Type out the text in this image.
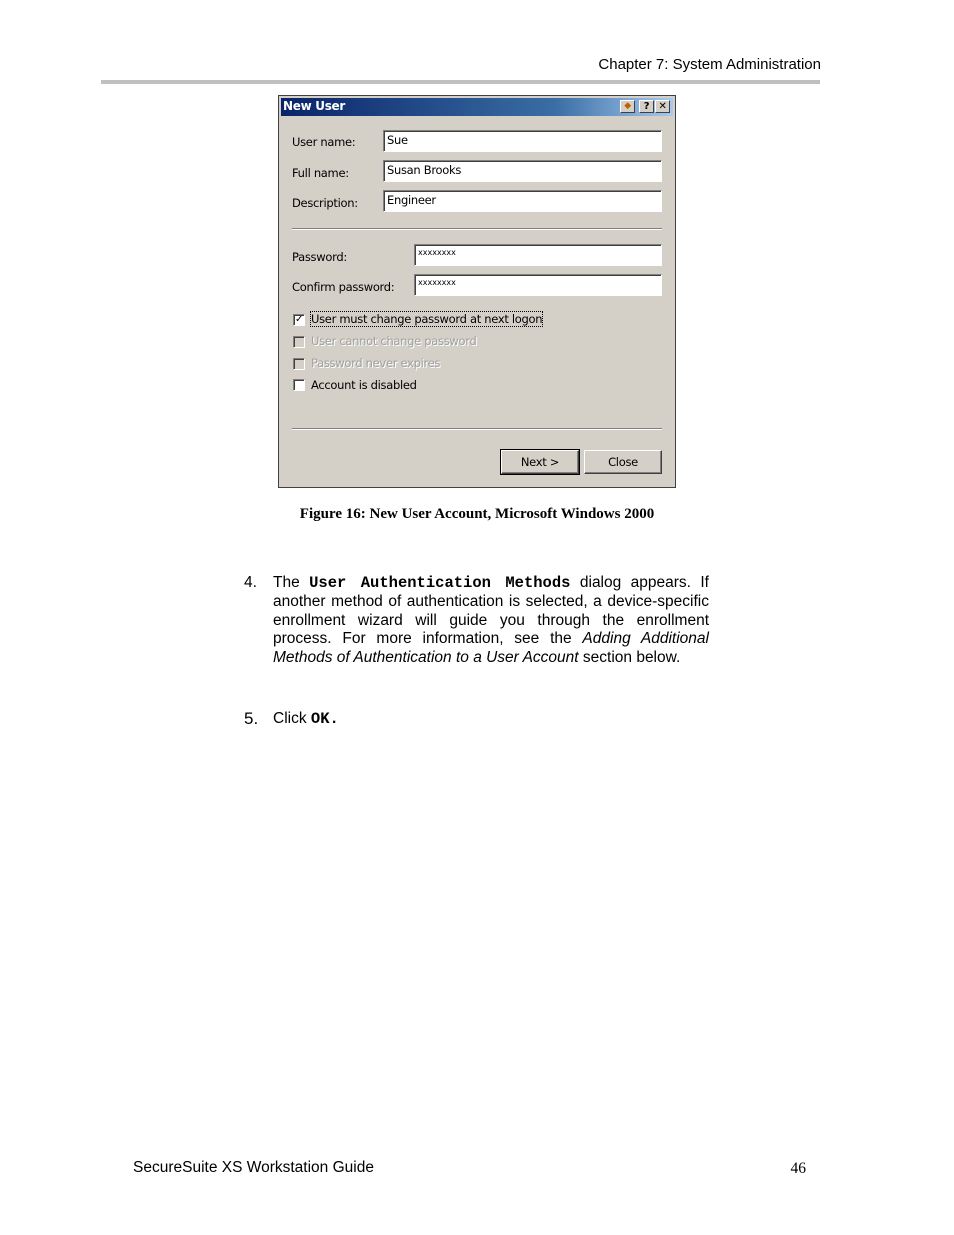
Chapter 7: System Administration
New User	◆	? ✕
User name:	Sue
Full name:	Susan Brooks
Description:	Engineer
Password:	xxxxxxxx
Confirm password:	xxxxxxxx
✓ User must change password at next logon
User cannot change password
Password never expires
Account is disabled
Next >	Close
Figure 16: New User Account, Microsoft Windows 2000
4. The User Authentication Methods dialog appears. If another method of authentication is selected, a device-specific enrollment wizard will guide you through the enrollment process. For more information, see the Adding Additional Methods of Authentication to a User Account section below.
5. Click OK.
SecureSuite XS Workstation Guide	46
